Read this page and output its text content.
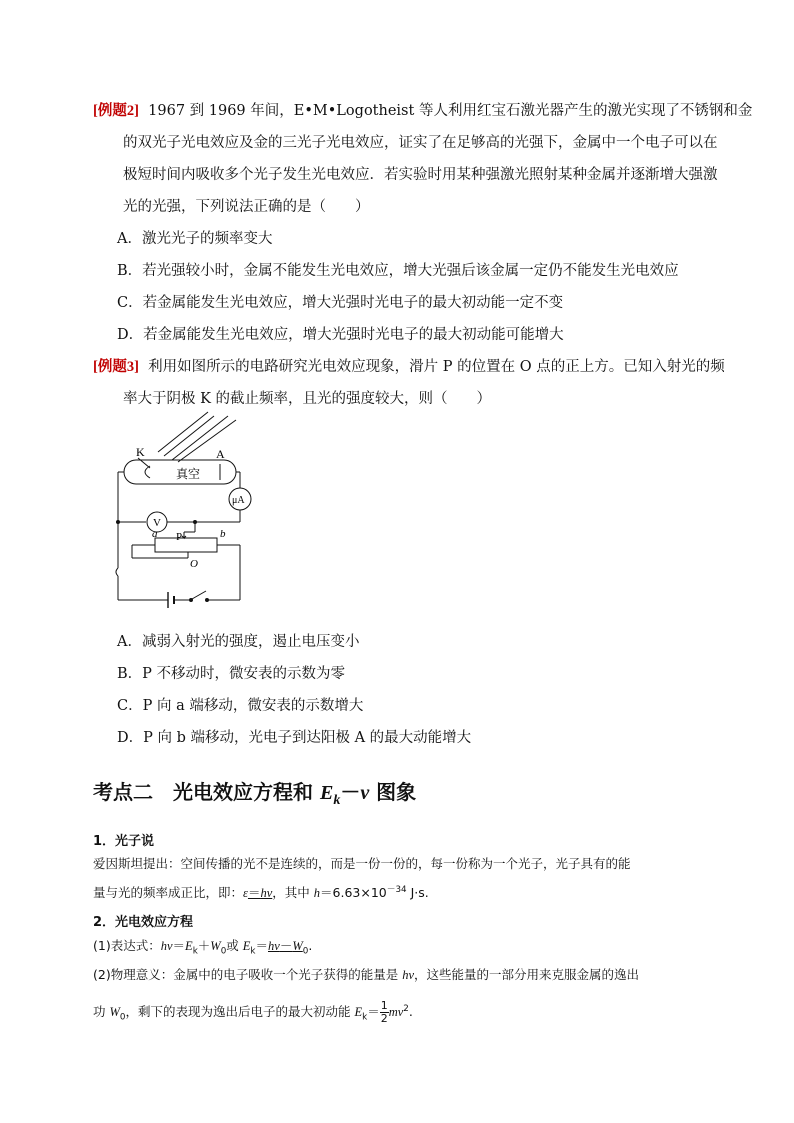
[例题2] 1967 到 1969 年间，E•M•Logotheist 等人利用红宝石激光器产生的激光实现了不锈钢和金
的双光子光电效应及金的三光子光电效应，证实了在足够高的光强下，金属中一个电子可以在
极短时间内吸收多个光子发生光电效应．若实验时用某种强激光照射某种金属并逐渐增大强激
光的光强，下列说法正确的是（　　）
A．激光光子的频率变大
B．若光强较小时，金属不能发生光电效应，增大光强后该金属一定仍不能发生光电效应
C．若金属能发生光电效应，增大光强时光电子的最大初动能一定不变
D．若金属能发生光电效应，增大光强时光电子的最大初动能可能增大
[例题3] 利用如图所示的电路研究光电效应现象，滑片 P 的位置在 O 点的正上方。已知入射光的频
率大于阴极 K 的截止频率，且光的强度较大，则（　　）
K	A
真空
μA
V
P
a	b
O
A．减弱入射光的强度，遏止电压变小
B．P 不移动时，微安表的示数为零
C．P 向 a 端移动，微安表的示数增大
D．P 向 b 端移动，光电子到达阳极 A 的最大动能增大
考点二　光电效应方程和 $E_k-\nu$ 图象
1．光子说
爱因斯坦提出：空间传播的光不是连续的，而是一份一份的，每一份称为一个光子，光子具有的能
量与光的频率成正比，即：ε＝hν，其中 $h=6.63\times 10^{-34}$ J·s.
2．光电效应方程
(1)表达式：$h\nu=E_k+W_0$或 $E_k=h\nu-W_0$.
(2)物理意义：金属中的电子吸收一个光子获得的能量是 hν，这些能量的一部分用来克服金属的逸出
功 $W_0$，剩下的表现为逸出后电子的最大初动能 $E_k= \frac{1}{2} mv^2$.
